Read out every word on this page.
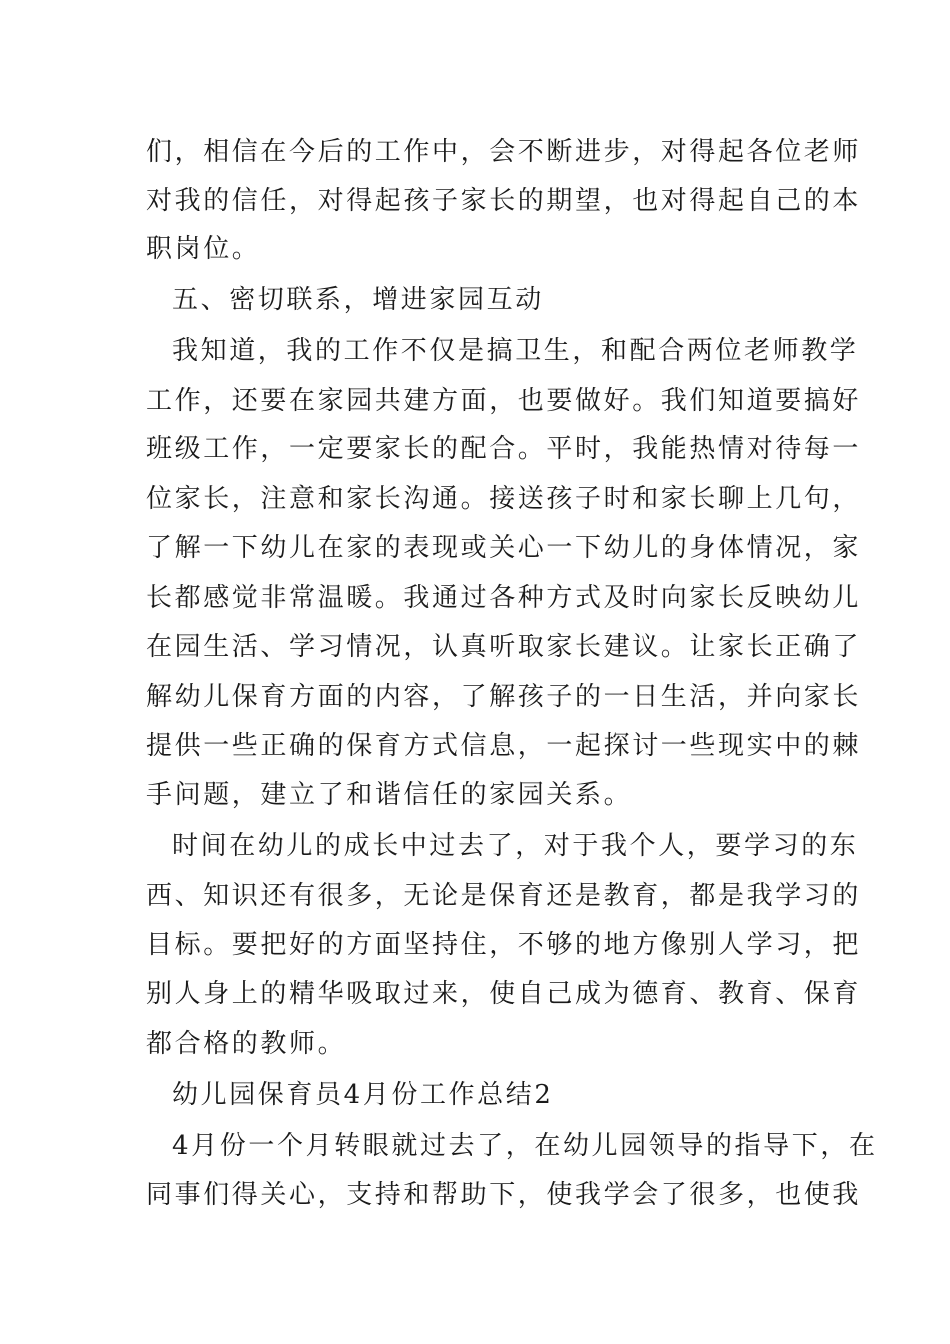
们，相信在今后的工作中，会不断进步，对得起各位老师
对我的信任，对得起孩子家长的期望，也对得起自己的本
职岗位。
五、密切联系，增进家园互动
我知道，我的工作不仅是搞卫生，和配合两位老师教学
工作，还要在家园共建方面，也要做好。我们知道要搞好
班级工作，一定要家长的配合。平时，我能热情对待每一
位家长，注意和家长沟通。接送孩子时和家长聊上几句，
了解一下幼儿在家的表现或关心一下幼儿的身体情况，家
长都感觉非常温暖。我通过各种方式及时向家长反映幼儿
在园生活、学习情况，认真听取家长建议。让家长正确了
解幼儿保育方面的内容，了解孩子的一日生活，并向家长
提供一些正确的保育方式信息，一起探讨一些现实中的棘
手问题，建立了和谐信任的家园关系。
时间在幼儿的成长中过去了，对于我个人，要学习的东
西、知识还有很多，无论是保育还是教育，都是我学习的
目标。要把好的方面坚持住，不够的地方像别人学习，把
别人身上的精华吸取过来，使自己成为德育、教育、保育
都合格的教师。
幼儿园保育员4月份工作总结2
4月份一个月转眼就过去了，在幼儿园领导的指导下，在
同事们得关心，支持和帮助下，使我学会了很多，也使我
